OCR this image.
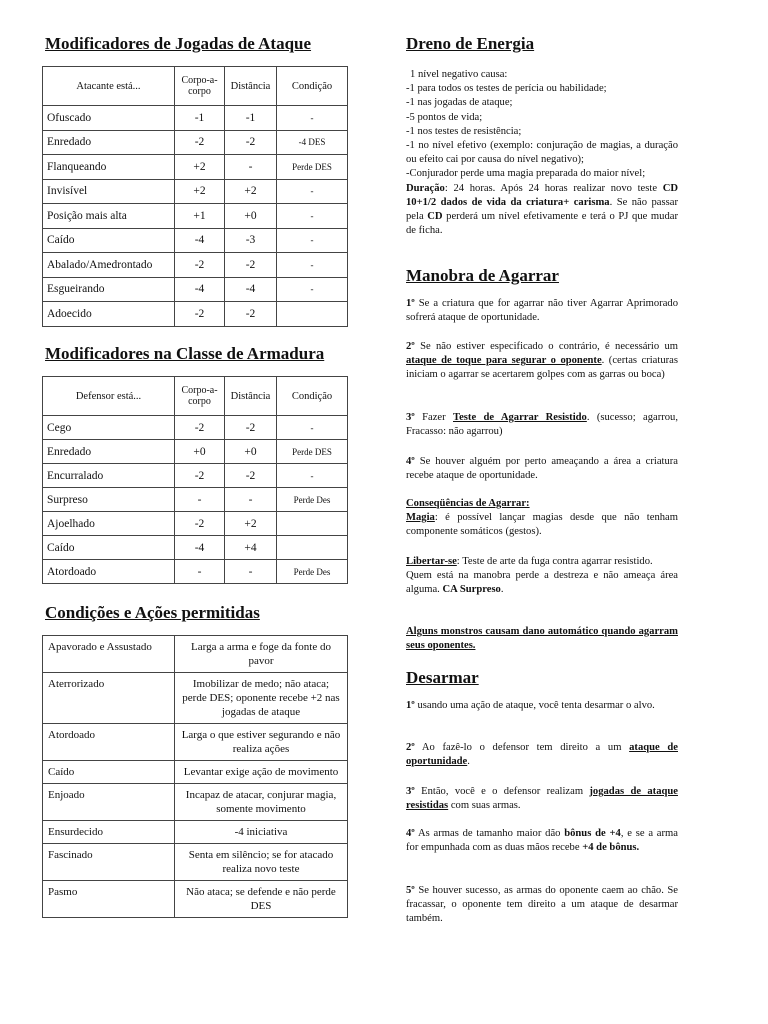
Modificadores de Jogadas de Ataque
Atacante está...	Corpo-a-corpo	Distância	Condição
Ofuscado	-1	-1	-
Enredado	-2	-2	-4 DES
Flanqueando	+2	-	Perde DES
Invisível	+2	+2	-
Posição mais alta	+1	+0	-
Caído	-4	-3	-
Abalado/Amedrontado	-2	-2	-
Esgueirando	-4	-4	-
Adoecido	-2	-2	
Modificadores na Classe de Armadura
Defensor está...	Corpo-a-corpo	Distância	Condição
Cego	-2	-2	-
Enredado	+0	+0	Perde DES
Encurralado	-2	-2	-
Surpreso	-	-	Perde Des
Ajoelhado	-2	+2	
Caído	-4	+4	
Atordoado	-	-	Perde Des
Condições e Ações permitidas
Apavorado e Assustado	Larga a arma e foge da fonte do pavor
Aterrorizado	Imobilizar de medo; não ataca; perde DES; oponente recebe +2 nas jogadas de ataque
Atordoado	Larga o que estiver segurando e não realiza ações
Caído	Levantar exige ação de movimento
Enjoado	Incapaz de atacar, conjurar magia, somente movimento
Ensurdecido	-4 iniciativa
Fascinado	Senta em silêncio; se for atacado realiza novo teste
Pasmo	Não ataca; se defende e não perde DES
Dreno de Energia
1 nível negativo causa:
-1 para todos os testes de perícia ou habilidade;
-1 nas jogadas de ataque;
-5 pontos de vida;
-1 nos testes de resistência;
-1 no nível efetivo (exemplo: conjuração de magias, a duração ou efeito cai por causa do nível negativo);
-Conjurador perde uma magia preparada do maior nível;
Duração: 24 horas. Após 24 horas realizar novo teste CD 10+1/2 dados de vida da criatura+ carisma. Se não passar pela CD perderá um nível efetivamente e terá o PJ que mudar de ficha.
Manobra de Agarrar
1º Se a criatura que for agarrar não tiver Agarrar Aprimorado sofrerá ataque de oportunidade.
2º Se não estiver especificado o contrário, é necessário um ataque de toque para segurar o oponente. (certas criaturas iniciam o agarrar se acertarem golpes com as garras ou boca)
3º Fazer Teste de Agarrar Resistido. (sucesso; agarrou, Fracasso: não agarrou)
4º Se houver alguém por perto ameaçando a área a criatura recebe ataque de oportunidade.
Conseqüências de Agarrar:
Magia: é possível lançar magias desde que não tenham componente somáticos (gestos).
Libertar-se: Teste de arte da fuga contra agarrar resistido.
Quem está na manobra perde a destreza e não ameaça área alguma. CA Surpreso.
Alguns monstros causam dano automático quando agarram seus oponentes.
Desarmar
1º usando uma ação de ataque, você tenta desarmar o alvo.
2º Ao fazê-lo o defensor tem direito a um ataque de oportunidade.
3º Então, você e o defensor realizam jogadas de ataque resistidas com suas armas.
4º As armas de tamanho maior dão bônus de +4, e se a arma for empunhada com as duas mãos recebe +4 de bônus.
5º Se houver sucesso, as armas do oponente caem ao chão. Se fracassar, o oponente tem direito a um ataque de desarmar também.
